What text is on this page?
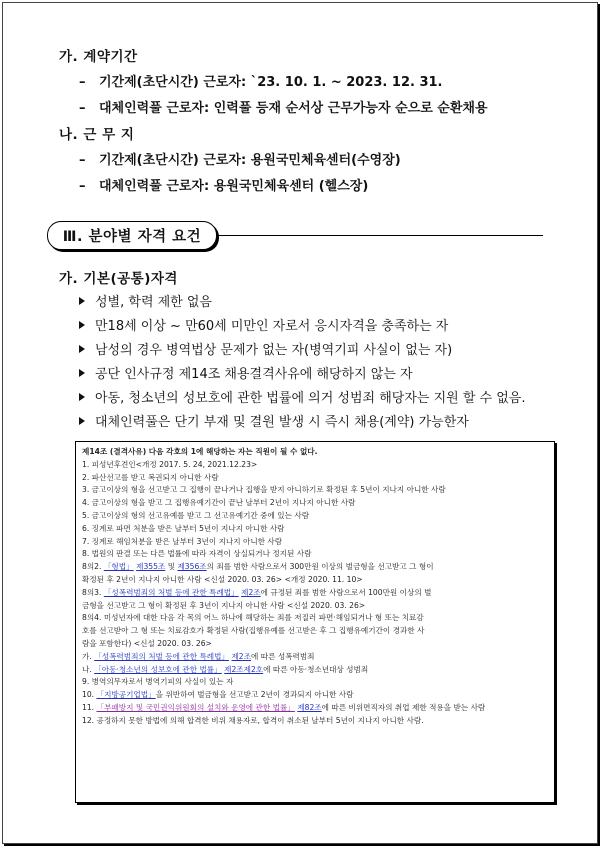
가. 계약기간
– 기간제(초단시간) 근로자: `23. 10. 1. ~ 2023. 12. 31.
– 대체인력풀 근로자: 인력풀 등재 순서상 근무가능자 순으로 순환채용
나. 근 무 지
– 기간제(초단시간) 근로자: 용원국민체육센터(수영장)
– 대체인력풀 근로자: 용원국민체육센터 (헬스장)
Ⅲ. 분야별 자격 요건
가. 기본(공통)자격
성별, 학력 제한 없음
만18세 이상 ~ 만60세 미만인 자로서 응시자격을 충족하는 자
남성의 경우 병역법상 문제가 없는 자(병역기피 사실이 없는 자)
공단 인사규정 제14조 채용결격사유에 해당하지 않는 자
아동, 청소년의 성보호에 관한 법률에 의거 성범죄 해당자는 지원 할 수 없음.
대체인력풀은 단기 부재 및 결원 발생 시 즉시 채용(계약) 가능한자
제14조 (결격사유) 다음 각호의 1에 해당하는 자는 직원이 될 수 없다.
1. 피성년후견인<개정 2017. 5. 24, 2021.12.23>
2. 파산선고를 받고 복권되지 아니한 사람
3. 금고이상의 형을 선고받고 그 집행이 끝나거나 집행을 받지 아니하기로 확정된 후 5년이 지나지 아니한 사람
4. 금고이상의 형을 받고 그 집행유예기간이 끝난 날부터 2년이 지나지 아니한 사람
5. 금고이상의 형의 선고유예를 받고 그 선고유예기간 중에 있는 사람
6. 징계로 파면 처분을 받은 날부터 5년이 지나지 아니한 사람
7. 징계로 해임처분을 받은 날부터 3년이 지나지 아니한 사람
8. 법원의 판결 또는 다른 법률에 따라 자격이 상실되거나 정지된 사람
8의2. 「형법」 제355조 및 제356조의 죄를 범한 사람으로서 300만원 이상의 벌금형을 선고받고 그 형이
확정된 후 2년이 지나지 아니한 사람 <신설 2020. 03. 26> <개정 2020. 11. 10>
8의3. 「성폭력범죄의 처벌 등에 관한 특례법」 제2조에 규정된 죄를 범한 사람으로서 100만원 이상의 벌
금형을 선고받고 그 형이 확정된 후 3년이 지나지 아니한 사람 <신설 2020. 03. 26>
8의4. 미성년자에 대한 다음 각 목의 어느 하나에 해당하는 죄를 저질러 파면·해임되거나 형 또는 치료감
호를 선고받아 그 형 또는 치료감호가 확정된 사람(집행유예를 선고받은 후 그 집행유예기간이 경과한 사
람을 포함한다) <신설 2020. 03. 26>
가. 「성폭력범죄의 처벌 등에 관한 특례법」 제2조에 따른 성폭력범죄
나. 「아동·청소년의 성보호에 관한 법률」 제2조제2호에 따른 아동·청소년대상 성범죄
9. 병역의무자로서 병역기피의 사실이 있는 자
10. 「지방공기업법」을 위반하여 벌금형을 선고받고 2년이 경과되지 아니한 사람
11. 「부패방지 및 국민권익위원회의 설치와 운영에 관한 법률」 제82조에 따른 비위면직자의 취업 제한 적용을 받는 사람
12. 공정하지 못한 방법에 의해 합격한 비위 채용자로, 합격이 취소된 날부터 5년이 지나지 아니한 사람.
